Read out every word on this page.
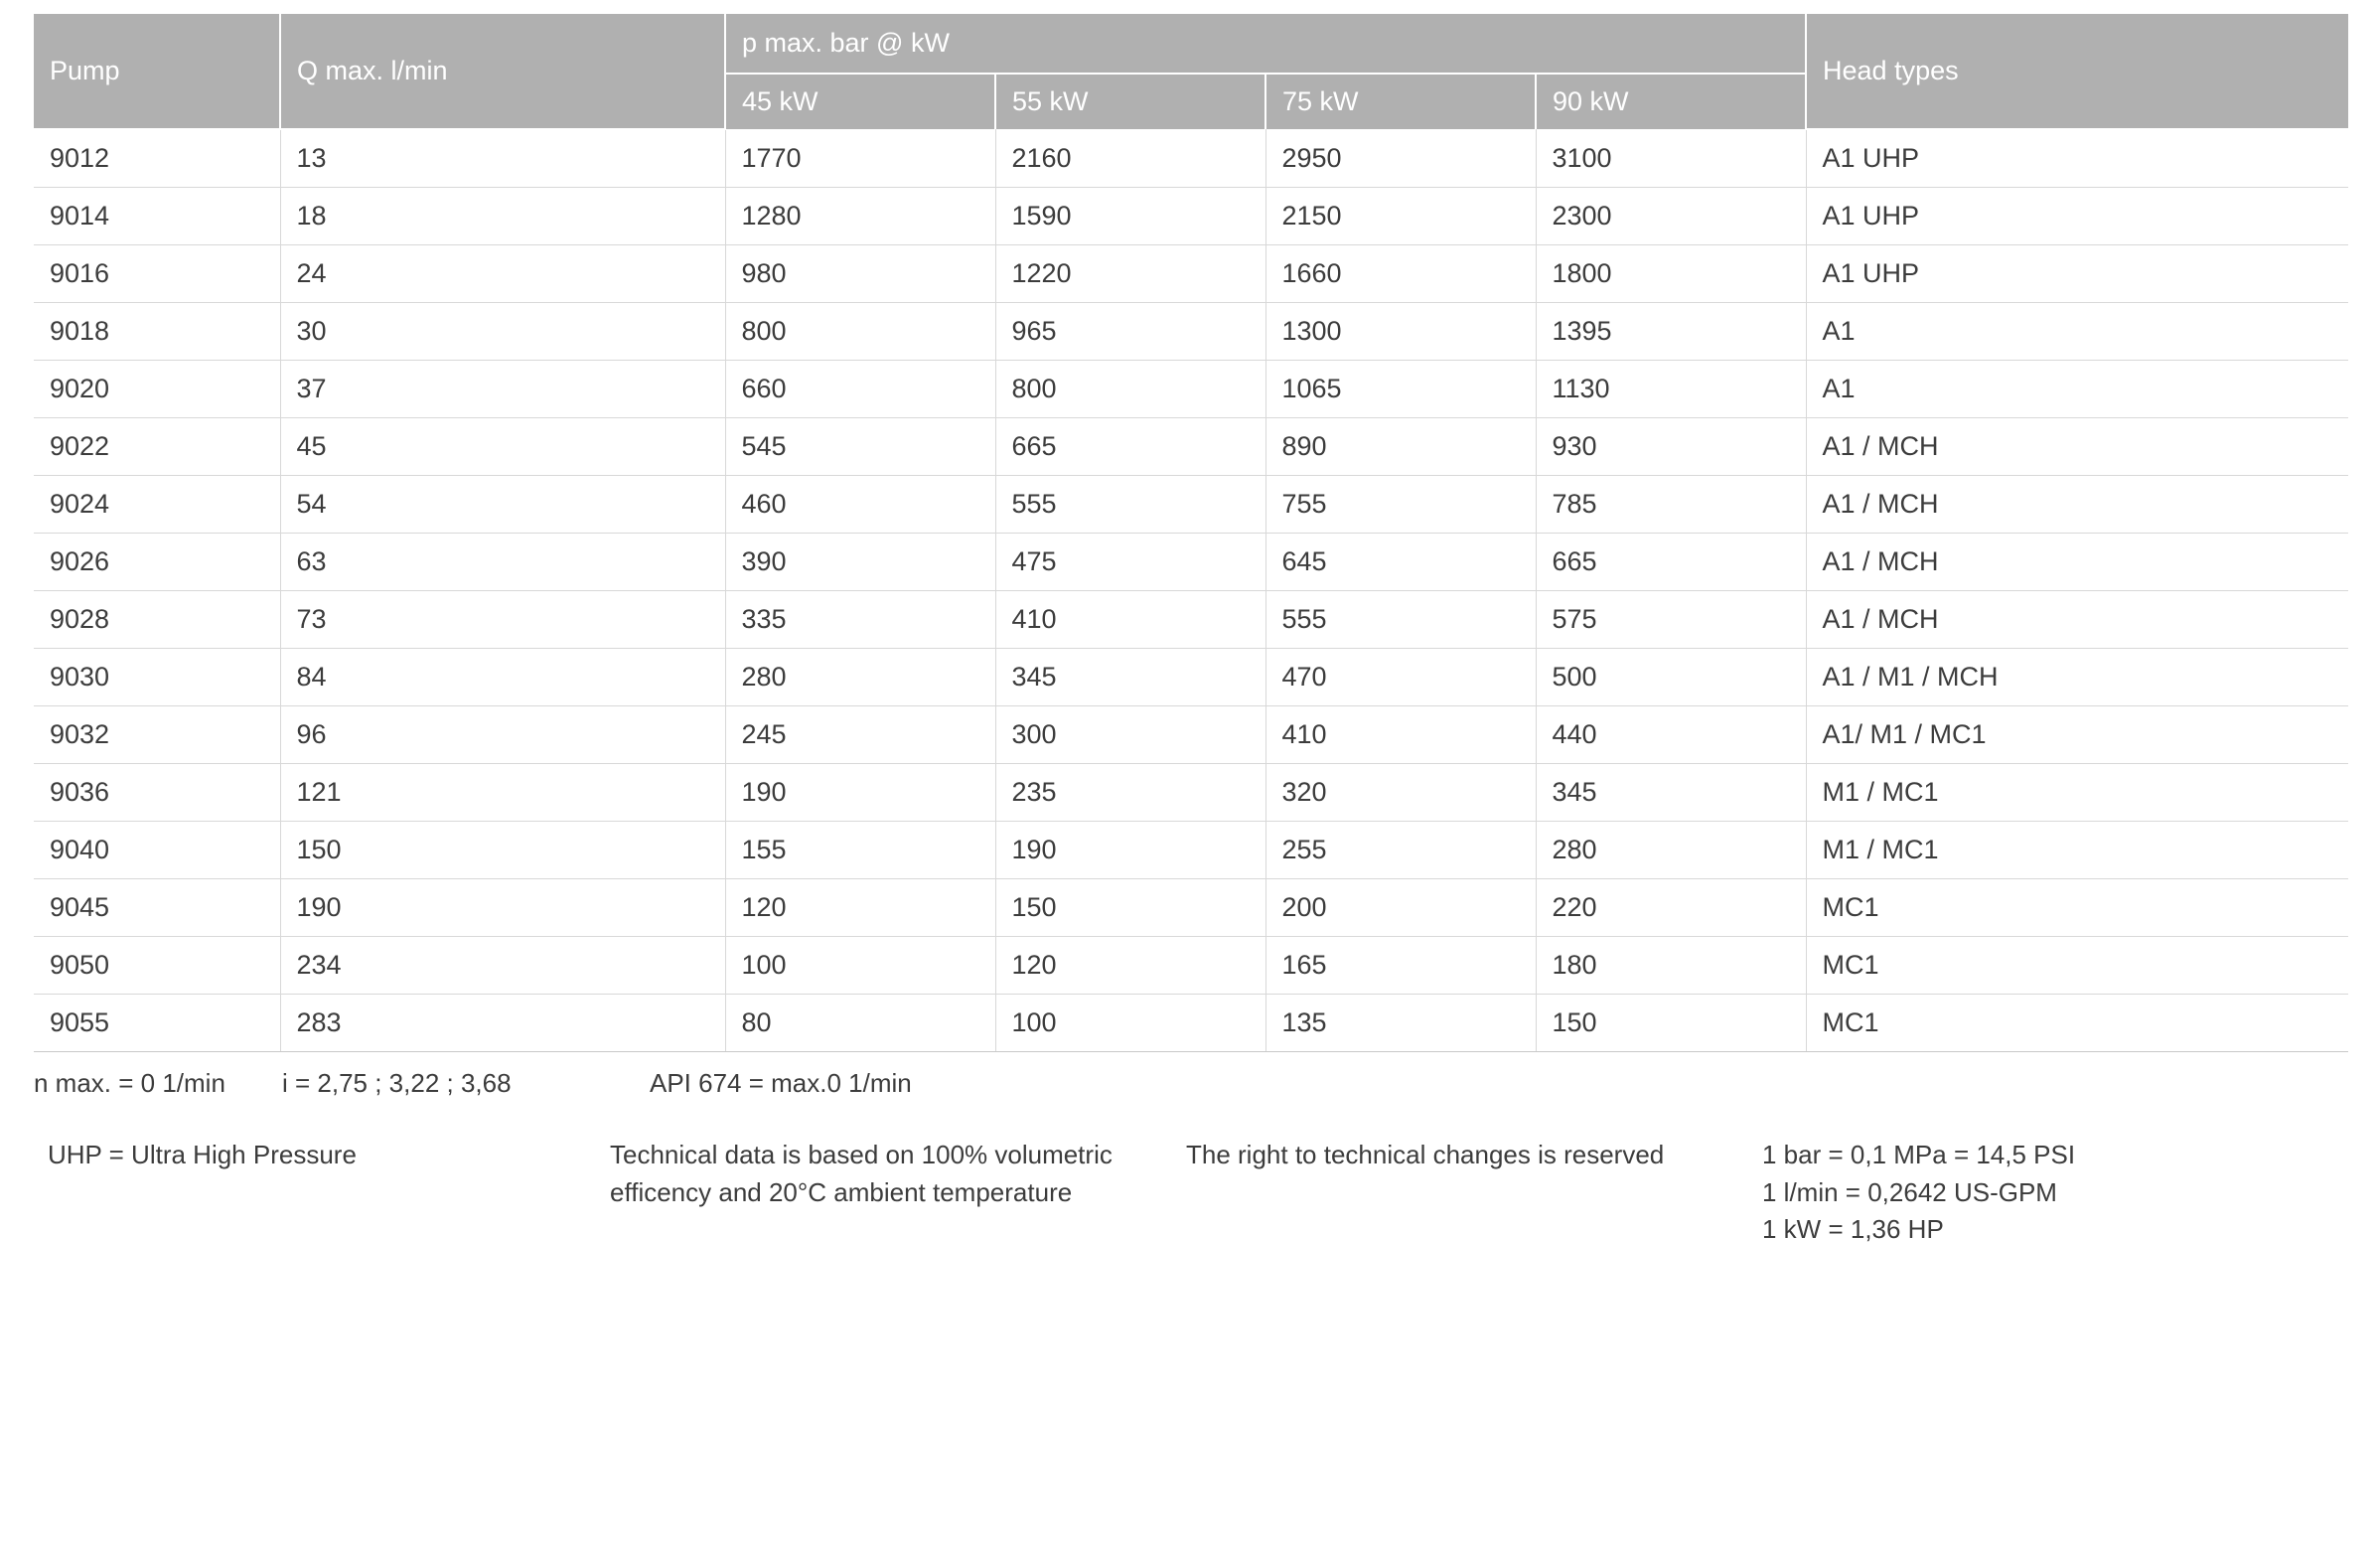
Pump	Q max. l/min	p max. bar @ kW				Head types
		45 kW	55 kW	75 kW	90 kW	
9012	13	1770	2160	2950	3100	A1 UHP
9014	18	1280	1590	2150	2300	A1 UHP
9016	24	980	1220	1660	1800	A1 UHP
9018	30	800	965	1300	1395	A1
9020	37	660	800	1065	1130	A1
9022	45	545	665	890	930	A1 / MCH
9024	54	460	555	755	785	A1 / MCH
9026	63	390	475	645	665	A1 / MCH
9028	73	335	410	555	575	A1 / MCH
9030	84	280	345	470	500	A1 / M1 / MCH
9032	96	245	300	410	440	A1/ M1 / MC1
9036	121	190	235	320	345	M1 / MC1
9040	150	155	190	255	280	M1 / MC1
9045	190	120	150	200	220	MC1
9050	234	100	120	165	180	MC1
9055	283	80	100	135	150	MC1
n max. = 0 1/min	i = 2,75 ; 3,22 ; 3,68	API 674 = max.0 1/min
UHP = Ultra High Pressure	Technical data is based on 100% volumetric efficency and 20°C ambient temperature
The right to technical changes is reserved	1 bar = 0,1 MPa = 14,5 PSI
1 l/min = 0,2642 US-GPM
1 kW = 1,36 HP
